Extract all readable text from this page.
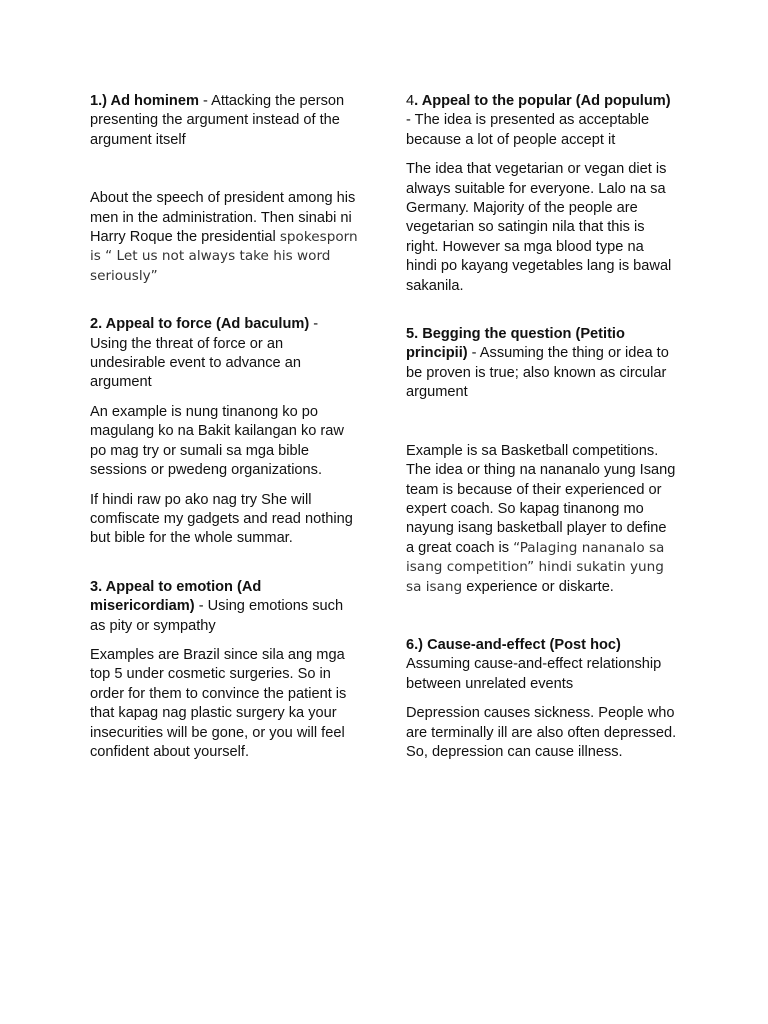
1.) Ad hominem - Attacking the person presenting the argument instead of the argument itself

About the speech of president among his men in the administration. Then sinabi ni Harry Roque the presidential spokesporn is “ Let us not always take his word seriously”

2. Appeal to force (Ad baculum) - Using the threat of force or an undesirable event to advance an argument

An example is nung tinanong ko po magulang ko na Bakit kailangan ko raw po mag try or sumali sa mga bible sessions or pwedeng organizations.

If hindi raw po ako nag try She will comfiscate my gadgets and read nothing but bible for the whole summar.

3. Appeal to emotion (Ad misericordiam) - Using emotions such as pity or sympathy

Examples are Brazil since sila ang mga top 5 under cosmetic surgeries. So in order for them to convince the patient is that kapag nag plastic surgery ka your insecurities will be gone, or you will feel confident about yourself.

4. Appeal to the popular (Ad populum) - The idea is presented as acceptable because a lot of people accept it

The idea that vegetarian or vegan diet is always suitable for everyone. Lalo na sa Germany. Majority of the people are vegetarian so satingin nila that this is right. However sa mga blood type na hindi po kayang vegetables lang is bawal sakanila.

5. Begging the question (Petitio principii) - Assuming the thing or idea to be proven is true; also known as circular argument

Example is sa Basketball competitions. The idea or thing na nananalo yung Isang team is because of their experienced or expert coach. So kapag tinanong mo nayung isang basketball player to define a great coach is “Palaging nananalo sa isang competition” hindi sukatin yung sa isang experience or diskarte.

6.) Cause-and-effect (Post hoc)
Assuming cause-and-effect relationship between unrelated events

Depression causes sickness. People who are terminally ill are also often depressed. So, depression can cause illness.
